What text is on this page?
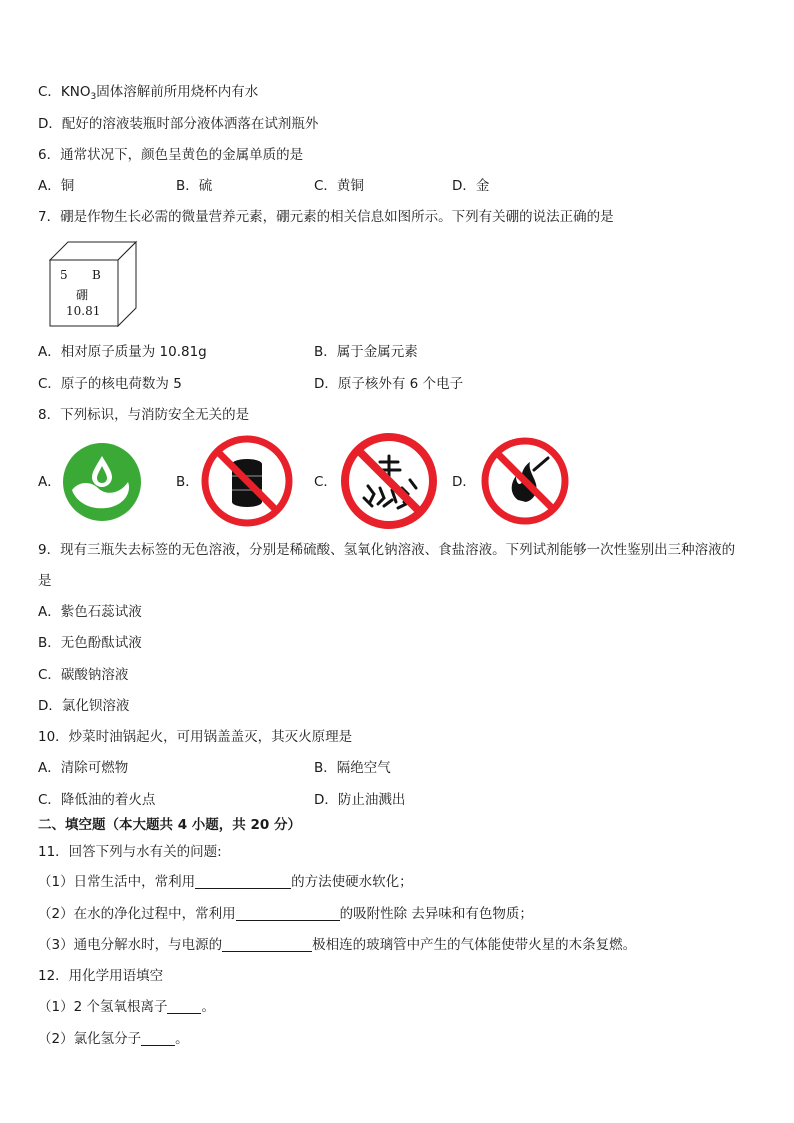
C．$KNO_3$固体溶解前所用烧杯内有水
D．配好的溶液装瓶时部分液体洒落在试剂瓶外
6．通常状况下，颜色呈黄色的金属单质的是
A．铜	B．硫	C．黄铜	D．金
7．硼是作物生长必需的微量营养元素，硼元素的相关信息如图所示。下列有关硼的说法正确的是
5 B
硼
10.81
A．相对原子质量为 10.81g	B．属于金属元素
C．原子的核电荷数为 5	D．原子核外有 6 个电子
8．下列标识，与消防安全无关的是
A．	B．	C．	D．
9．现有三瓶失去标签的无色溶液，分别是稀硫酸、氢氧化钠溶液、食盐溶液。下列试剂能够一次性鉴别出三种溶液的
是
A．紫色石蕊试液
B．无色酚酞试液
C．碳酸钠溶液
D．氯化钡溶液
10．炒菜时油锅起火，可用锅盖盖灭，其灭火原理是
A．清除可燃物	B．隔绝空气
C．降低油的着火点	D．防止油溅出
二、填空题（本大题共 4 小题，共 20 分）
11．回答下列与水有关的问题:
（1）日常生活中，常利用	的方法使硬水软化；
（2）在水的净化过程中，常利用	的吸附性除 去异味和有色物质；
（3）通电分解水时，与电源的	极相连的玻璃管中产生的气体能使带火星的木条复燃。
12．用化学用语填空
（1）2 个氢氧根离子	。
（2）氯化氢分子	。
